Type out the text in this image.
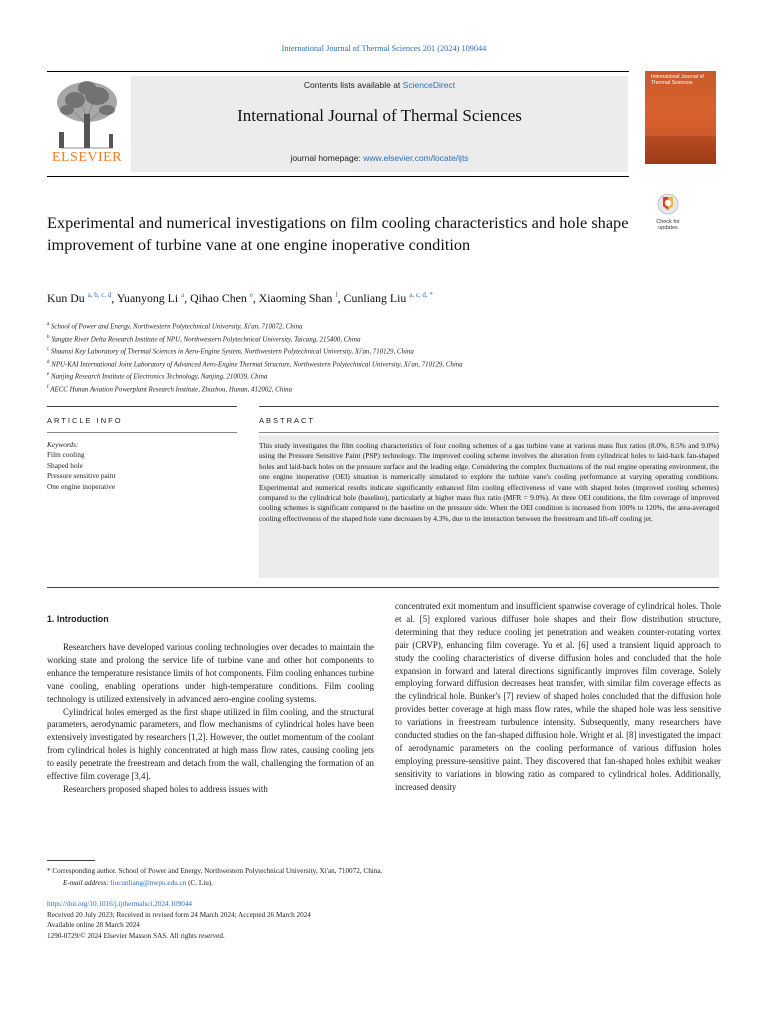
International Journal of Thermal Sciences 201 (2024) 109044
ELSEVIER
Contents lists available at ScienceDirect
International Journal of Thermal Sciences
journal homepage: www.elsevier.com/locate/ijts
International Journal of Thermal Sciences
Check for
updates
Experimental and numerical investigations on film cooling characteristics and hole shape improvement of turbine vane at one engine inoperative condition
Kun Du $^{a, b, c, d}$, Yuanyong Li $^a$, Qihao Chen $^e$, Xiaoming Shan $^f$, Cunliang Liu $^{a, c, d, *}$
$^a$ School of Power and Energy, Northwestern Polytechnical University, Xi'an, 710072, China
$^b$ Yangtze River Delta Research Institute of NPU, Northwestern Polytechnical University, Taicang, 215400, China
$^c$ Shaanxi Key Laboratory of Thermal Sciences in Aero-Engine System, Northwestern Polytechnical University, Xi'an, 710129, China
$^d$ NPU-KAI International Joint Laboratory of Advanced Aero-Engine Thermal Structure, Northwestern Polytechnical University, Xi'an, 710129, China
$^e$ Nanjing Research Institute of Electronics Technology, Nanjing, 210039, China
$^f$ AECC Hunan Aviation Powerplant Research Institute, Zhuzhou, Hunan, 412002, China
ARTICLE INFO	ABSTRACT
Keywords:
Film cooling
Shaped hole
Pressure sensitive paint
One engine inoperative

This study investigates the film cooling characteristics of four cooling schemes of a gas turbine vane at various mass flux ratios (8.0%, 8.5% and 9.0%) using the Pressure Sensitive Paint (PSP) technology. The improved cooling scheme involves the alteration from cylindrical holes to laid-back fan-shaped holes and laid-back holes on the pressure surface and the leading edge. Considering the complex fluctuations of the real engine operating environment, the one engine inoperative (OEI) situation is numerically simulated to explore the turbine vane's cooling performance at varying operating conditions. Experimental and numerical results indicate significantly enhanced film cooling effectiveness of vane with shaped holes (improved cooling schemes) compared to the cylindrical hole (baseline), particularly at higher mass flux ratio (MFR = 9.0%). At three OEI conditions, the film coverage of improved cooling schemes is significant compared to the baseline on the pressure side. When the OEI condition is increased from 100% to 120%, the area-averaged cooling effectiveness of the shaped hole vane decreases by 4.3%, due to the interaction between the freestream and lift-off cooling jet.

1. Introduction

Researchers have developed various cooling technologies over decades to maintain the working state and prolong the service life of turbine vane and other hot components to enhance the temperature resistance limits of hot components. Film cooling enhances turbine vane cooling, enabling operations under high-temperature conditions. Film cooling technology is utilized extensively in advanced aero-engine cooling systems.

Cylindrical holes emerged as the first shape utilized in film cooling, and the structural parameters, aerodynamic parameters, and flow mechanisms of cylindrical holes have been extensively investigated by researchers [1,2]. However, the outlet momentum of the coolant from cylindrical holes is highly concentrated at high mass flow rates, causing cooling jets to easily penetrate the freestream and detach from the wall, challenging the formation of an effective film coverage [3,4].

Researchers proposed shaped holes to address issues with

concentrated exit momentum and insufficient spanwise coverage of cylindrical holes. Thole et al. [5] explored various diffuser hole shapes and their flow distribution structure, determining that they reduce cooling jet penetration and weaken counter-rotating vortex pair (CRVP), enhancing film coverage. Yu et al. [6] used a transient liquid approach to study the cooling characteristics of diverse diffusion holes and concluded that the hole expansion in forward and lateral directions significantly improves film coverage. Solely employing forward diffusion decreases heat transfer, with similar film coverage effects as the cylindrical hole. Bunker's [7] review of shaped holes concluded that the diffusion hole provides better coverage at high mass flow rates, while the shaped hole was less sensitive to variations in freestream turbulence intensity. Subsequently, many researchers have conducted studies on the fan-shaped diffusion hole. Wright et al. [8] investigated the impact of aerodynamic parameters on the cooling performance of various diffusion holes employing pressure-sensitive paint. They discovered that fan-shaped holes exhibit weaker sensitivity to variations in blowing ratio as compared to cylindrical holes. Additionally, increased density

* Corresponding author. School of Power and Energy, Northwestern Polytechnical University, Xi'an, 710072, China.
E-mail address: liucunliang@nwpu.edu.cn (C. Liu).
https://doi.org/10.1016/j.ijthermalsci.2024.109044
Received 20 July 2023; Received in revised form 24 March 2024; Accepted 26 March 2024
Available online 28 March 2024
1290-0729/© 2024 Elsevier Masson SAS. All rights reserved.
